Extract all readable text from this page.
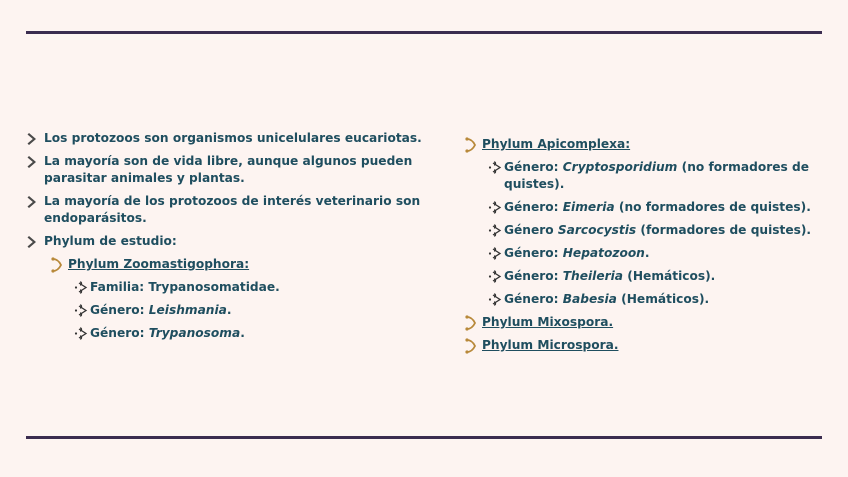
Los protozoos son organismos unicelulares eucariotas.
La mayoría son de vida libre, aunque algunos pueden parasitar animales y plantas.
La mayoría de los protozoos de interés veterinario son endoparásitos.
Phylum de estudio:
Phylum Zoomastigophora:
Familia: Trypanosomatidae.
Género: Leishmania.
Género: Trypanosoma.
Phylum Apicomplexa:
Género: Cryptosporidium (no formadores de quistes).
Género: Eimeria (no formadores de quistes).
Género Sarcocystis (formadores de quistes).
Género: Hepatozoon.
Género: Theileria (Hemáticos).
Género: Babesia (Hemáticos).
Phylum Mixospora.
Phylum Microspora.
